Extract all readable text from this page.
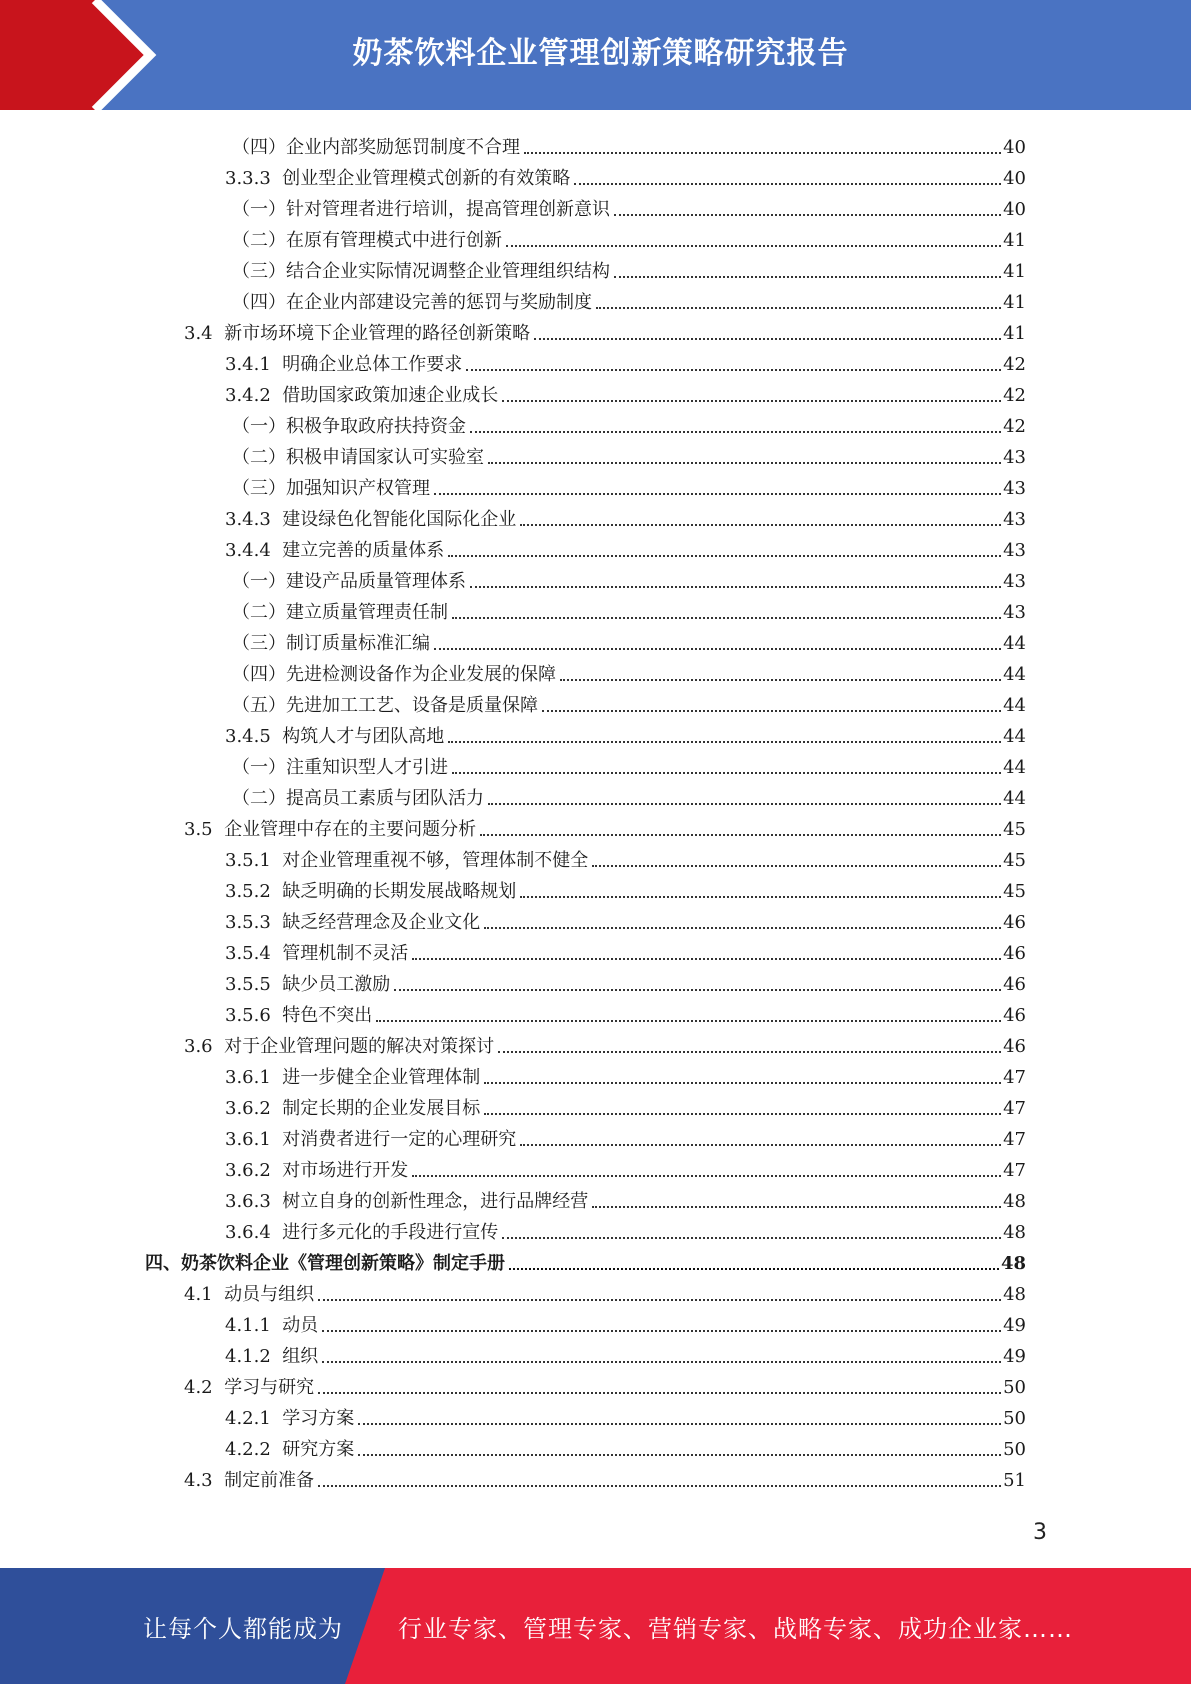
奶茶饮料企业管理创新策略研究报告
（四） 企业内部奖励惩罚制度不合理	40
3.3.3 创业型企业管理模式创新的有效策略	40
（一） 针对管理者进行培训，提高管理创新意识	40
（二） 在原有管理模式中进行创新	41
（三） 结合企业实际情况调整企业管理组织结构	41
（四） 在企业内部建设完善的惩罚与奖励制度	41
3.4 新市场环境下企业管理的路径创新策略	41
3.4.1 明确企业总体工作要求	42
3.4.2 借助国家政策加速企业成长	42
（一） 积极争取政府扶持资金	42
（二） 积极申请国家认可实验室	43
（三） 加强知识产权管理	43
3.4.3 建设绿色化智能化国际化企业	43
3.4.4 建立完善的质量体系	43
（一） 建设产品质量管理体系	43
（二） 建立质量管理责任制	43
（三） 制订质量标准汇编	44
（四） 先进检测设备作为企业发展的保障	44
（五） 先进加工工艺、设备是质量保障	44
3.4.5 构筑人才与团队高地	44
（一） 注重知识型人才引进	44
（二） 提高员工素质与团队活力	44
3.5 企业管理中存在的主要问题分析	45
3.5.1 对企业管理重视不够，管理体制不健全	45
3.5.2 缺乏明确的长期发展战略规划	45
3.5.3 缺乏经营理念及企业文化	46
3.5.4 管理机制不灵活	46
3.5.5 缺少员工激励	46
3.5.6 特色不突出	46
3.6 对于企业管理问题的解决对策探讨	46
3.6.1 进一步健全企业管理体制	47
3.6.2 制定长期的企业发展目标	47
3.6.1 对消费者进行一定的心理研究	47
3.6.2 对市场进行开发	47
3.6.3 树立自身的创新性理念，进行品牌经营	48
3.6.4 进行多元化的手段进行宣传	48
四、奶茶饮料企业《管理创新策略》制定手册	48
4.1 动员与组织	48
4.1.1 动员	49
4.1.2 组织	49
4.2 学习与研究	50
4.2.1 学习方案	50
4.2.2 研究方案	50
4.3 制定前准备	51
3
让每个人都能成为 行业专家、管理专家、营销专家、战略专家、成功企业家……
